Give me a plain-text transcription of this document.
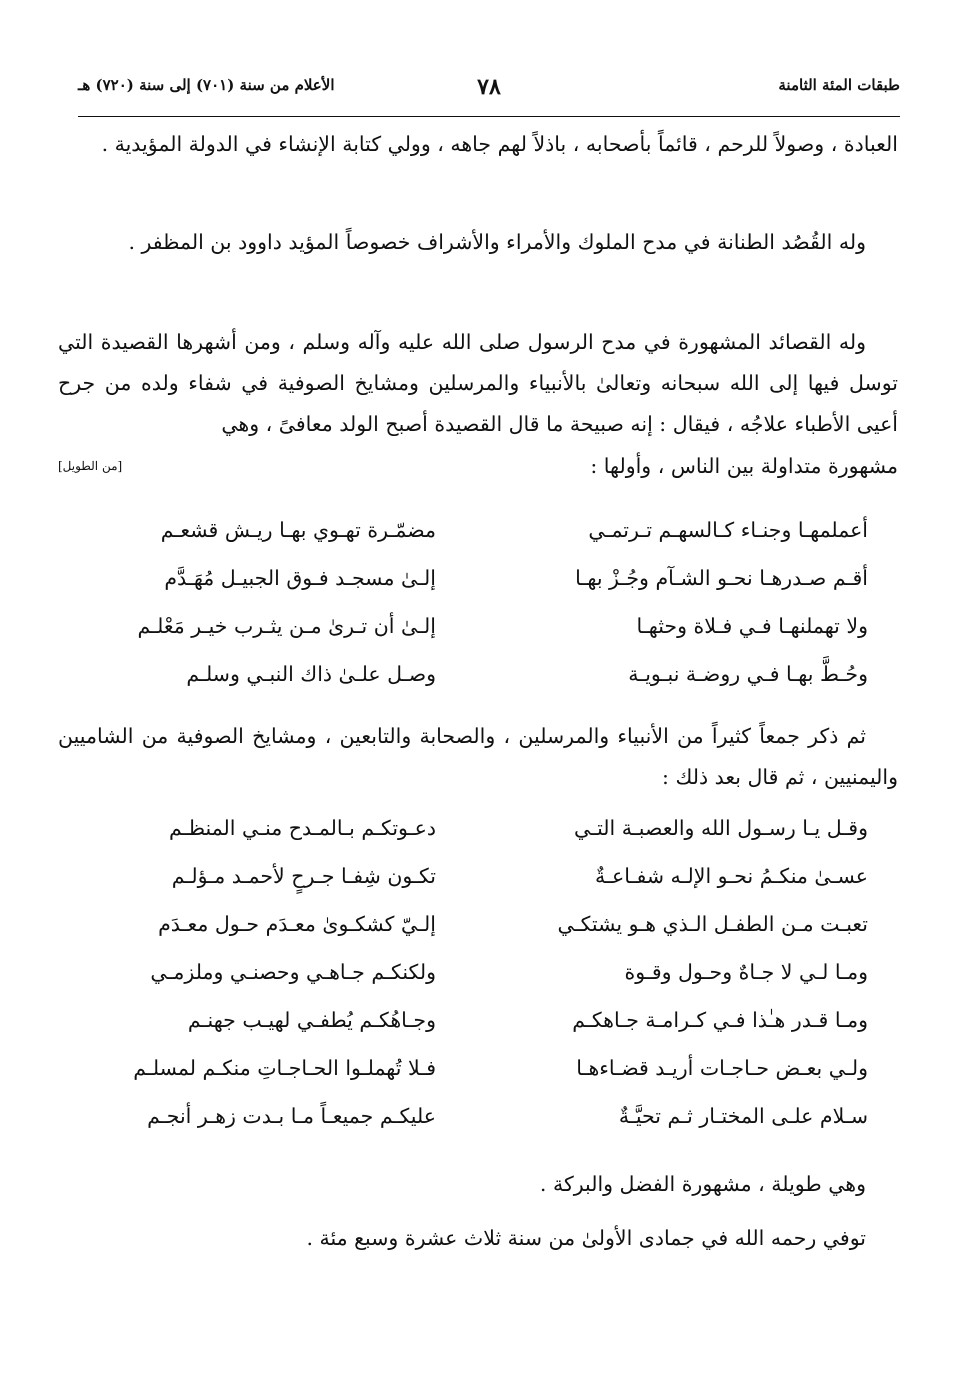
طبقات المئة الثامنة
٧٨
الأعلام من سنة (٧٠١) إلى سنة (٧٢٠) هـ

العبادة ، وصولاً للرحم ، قائماً بأصحابه ، باذلاً لهم جاهه ، وولي كتابة الإنشاء في الدولة المؤيدية .

وله القُصُد الطنانة في مدح الملوك والأمراء والأشراف خصوصاً المؤيد داوود بن المظفر .

وله القصائد المشهورة في مدح الرسول صلى الله عليه وآله وسلم ، ومن أشهرها القصيدة التي توسل فيها إلى الله سبحانه وتعالىٰ بالأنبياء والمرسلين ومشايخ الصوفية في شفاء ولده من جرح أعيى الأطباء علاجُه ، فيقال : إنه صبيحة ما قال القصيدة أصبح الولد معافىً ، وهي

مشهورة متداولة بين الناس ، وأولها :
[من الطويل]
أعملمهـا وجنـاء كـالسهـم تـرتمـي
مضمّـرة تهـوي بهـا ريـش قشعـم
أقـم صـدرهـا نحـو الشـآم وجُـزْ بهـا
إلـىٰ مسجـد فـوق الجبيـل مُهَـدَّم
ولا تهملنهـا فـي فـلاة وحثهـا
إلـىٰ أن تـرىٰ مـن يثـرب خيـر مَعْلـم
وحُـطَّ بهـا فـي روضـة نبـويـة
وصـل علـىٰ ذاك النبـي وسلـم

ثم ذكر جمعاً كثيراً من الأنبياء والمرسلين ، والصحابة والتابعين ، ومشايخ الصوفية من الشاميين واليمنيين ، ثم قال بعد ذلك :

وقـل يـا رسـول الله والعصبـة التـي
دعـوتكـم بـالمـدح منـي المنظـم
عسـىٰ منكـمُ نحـو الإلـه شفـاعـةٌ
تكـون شِفـا جـرحٍ لأحمـد مـؤلـم
تعبـت مـن الطفـل الـذي هـو يشتكـي
إلـيّ كشكـوىٰ معـدَم حـول معـدَم
ومـا لـي لا جـاهٌ وحـول وقـوة
ولكنكـم جـاهـي وحصنـي وملزمـي
ومـا قـدر هـٰذا فـي كـرامـة جـاهكـم
وجـاهُكـم يُطفـي لهيـب جهنـم
ولـي بعـض حـاجـات أريـد قضـاءهـا
فـلا تُهملـوا الحـاجـاتِ منكـم لمسلـم
سـلام علـى المختـار ثـم تحيَّـةٌ
عليكـم جميعـاً مـا بـدت زهـر أنجـم

وهي طويلة ، مشهورة الفضل والبركة .

توفي رحمه الله في جمادى الأولىٰ من سنة ثلاث عشرة وسبع مئة .
